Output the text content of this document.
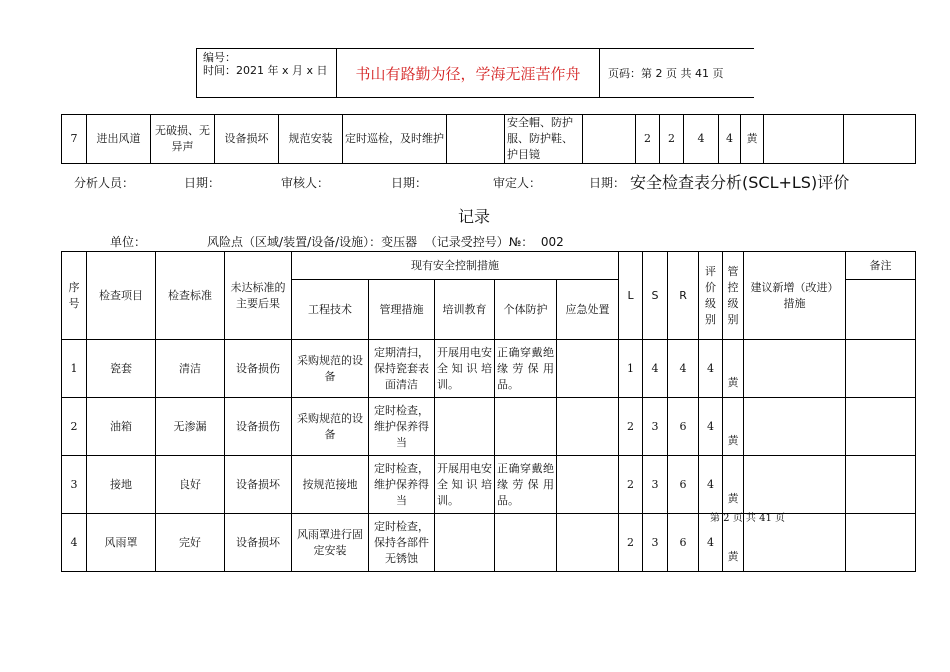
编号：
时间：2021 年 x 月 x 日	书山有路勤为径，学海无涯苦作舟	页码：第 2 页 共 41 页
7	进出风道	无破损、无异声	设备损坏	规范安装	定时巡检，及时维护		安全帽、防护服、防护鞋、护目镜		2	2	4	4	黄		
分析人员：	日期：	审核人：	日期：	审定人：	日期： 安全检查表分析(SCL+LS)评价
记录
单位：                风险点（区域/装置/设备/设施）：变压器  （记录受控号）№：  002
序号	检查项目	检查标准	未达标准的主要后果	现有安全控制措施					L	S	R	评价级别	管控级别	建议新增（改进）措施	备注
				工程技术	管理措施	培训教育	个体防护	应急处置							
1	瓷套	清洁	设备损伤	采购规范的设备	定期清扫，保持瓷套表面清洁	开展用电安全知识培训。	正确穿戴绝缘劳保用品。		1	4	4	4	黄		
2	油箱	无渗漏	设备损伤	采购规范的设备	定时检查，维护保养得当				2	3	6	4	黄		
3	接地	良好	设备损坏	按规范接地	定时检查，维护保养得当	开展用电安全知识培训。	正确穿戴绝缘劳保用品。		2	3	6	4	黄		
4	风雨罩	完好	设备损坏	风雨罩进行固定安装	定时检查，保持各部件无锈蚀				2	3	6	4	黄		
第 2 页 共 41 页
